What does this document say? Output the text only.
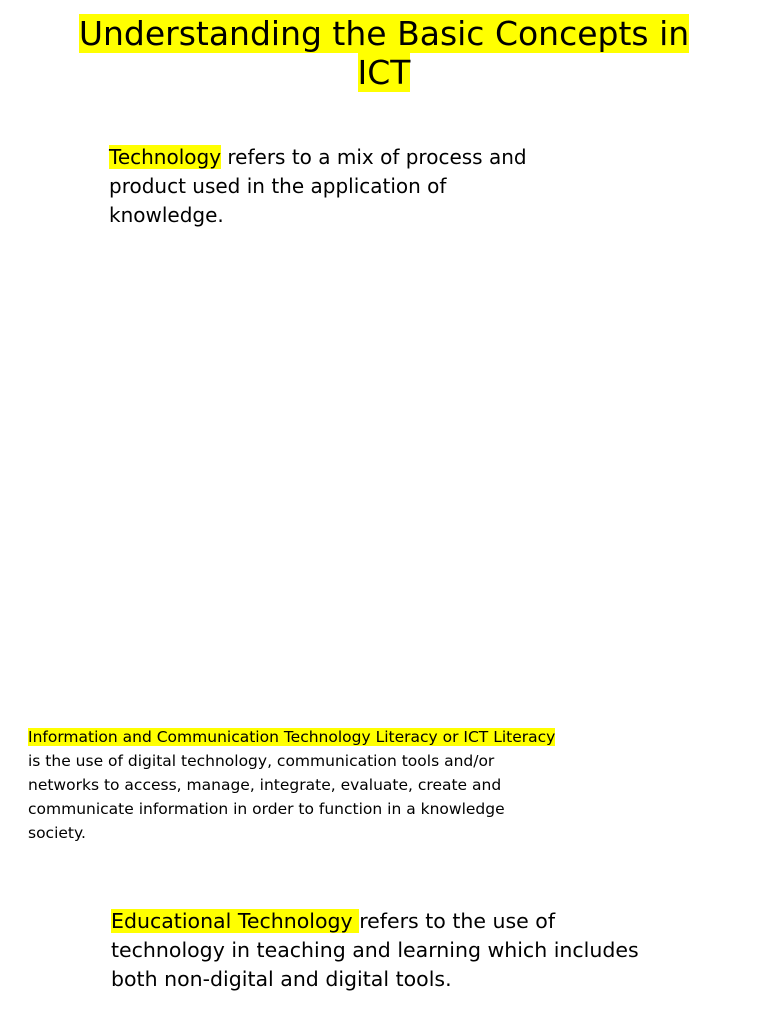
Understanding the Basic Concepts in
ICT

Technology refers to a mix of process and
product used in the application of
knowledge.

Information and Communication Technology Literacy or ICT Literacy
is the use of digital technology, communication tools and/or
networks to access, manage, integrate, evaluate, create and
communicate information in order to function in a knowledge
society.

Educational Technology refers to the use of
technology in teaching and learning which includes
both non-digital and digital tools.
